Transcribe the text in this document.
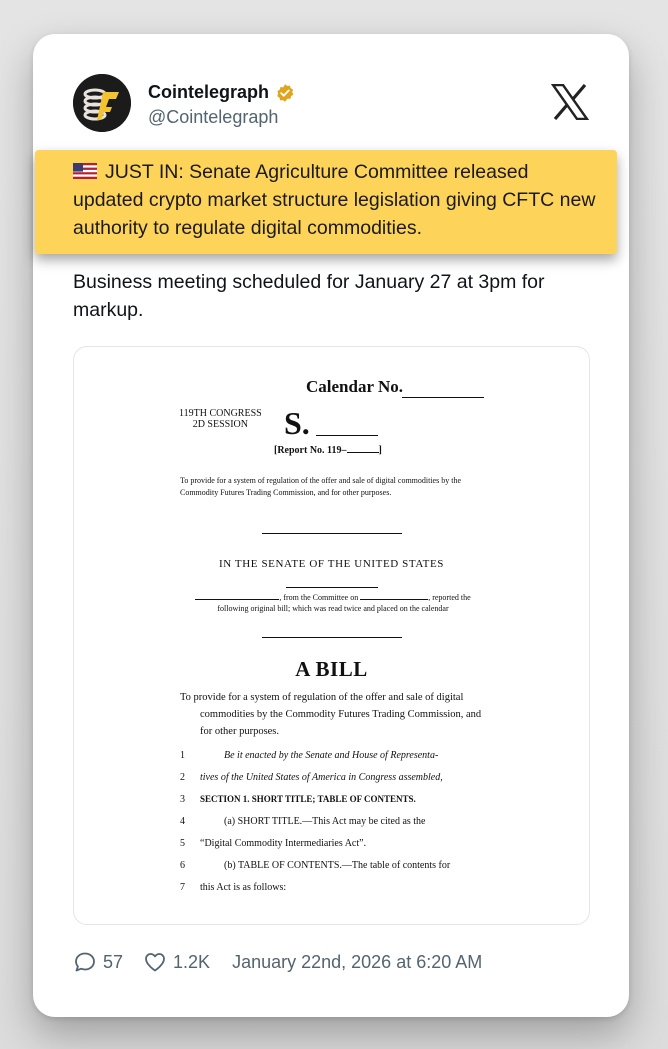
Cointelegraph
@Cointelegraph
JUST IN: Senate Agriculture Committee released updated crypto market structure legislation giving CFTC new authority to regulate digital commodities.
Business meeting scheduled for January 27 at 3pm for markup.
Calendar No.
119TH CONGRESS
2D SESSION	S.
[Report No. 119–	]
To provide for a system of regulation of the offer and sale of digital commodities by the Commodity Futures Trading Commission, and for other purposes.
IN THE SENATE OF THE UNITED STATES
, from the Committee on	, reported the following original bill; which was read twice and placed on the calendar
A BILL
To provide for a system of regulation of the offer and sale of digital commodities by the Commodity Futures Trading Commission, and for other purposes.
1	Be it enacted by the Senate and House of Representa-
2	tives of the United States of America in Congress assembled,
3	SECTION 1. SHORT TITLE; TABLE OF CONTENTS.
4	(a) SHORT TITLE.—This Act may be cited as the
5	“Digital Commodity Intermediaries Act”.
6	(b) TABLE OF CONTENTS.—The table of contents for
7	this Act is as follows:
57	1.2K January 22nd, 2026 at 6:20 AM
